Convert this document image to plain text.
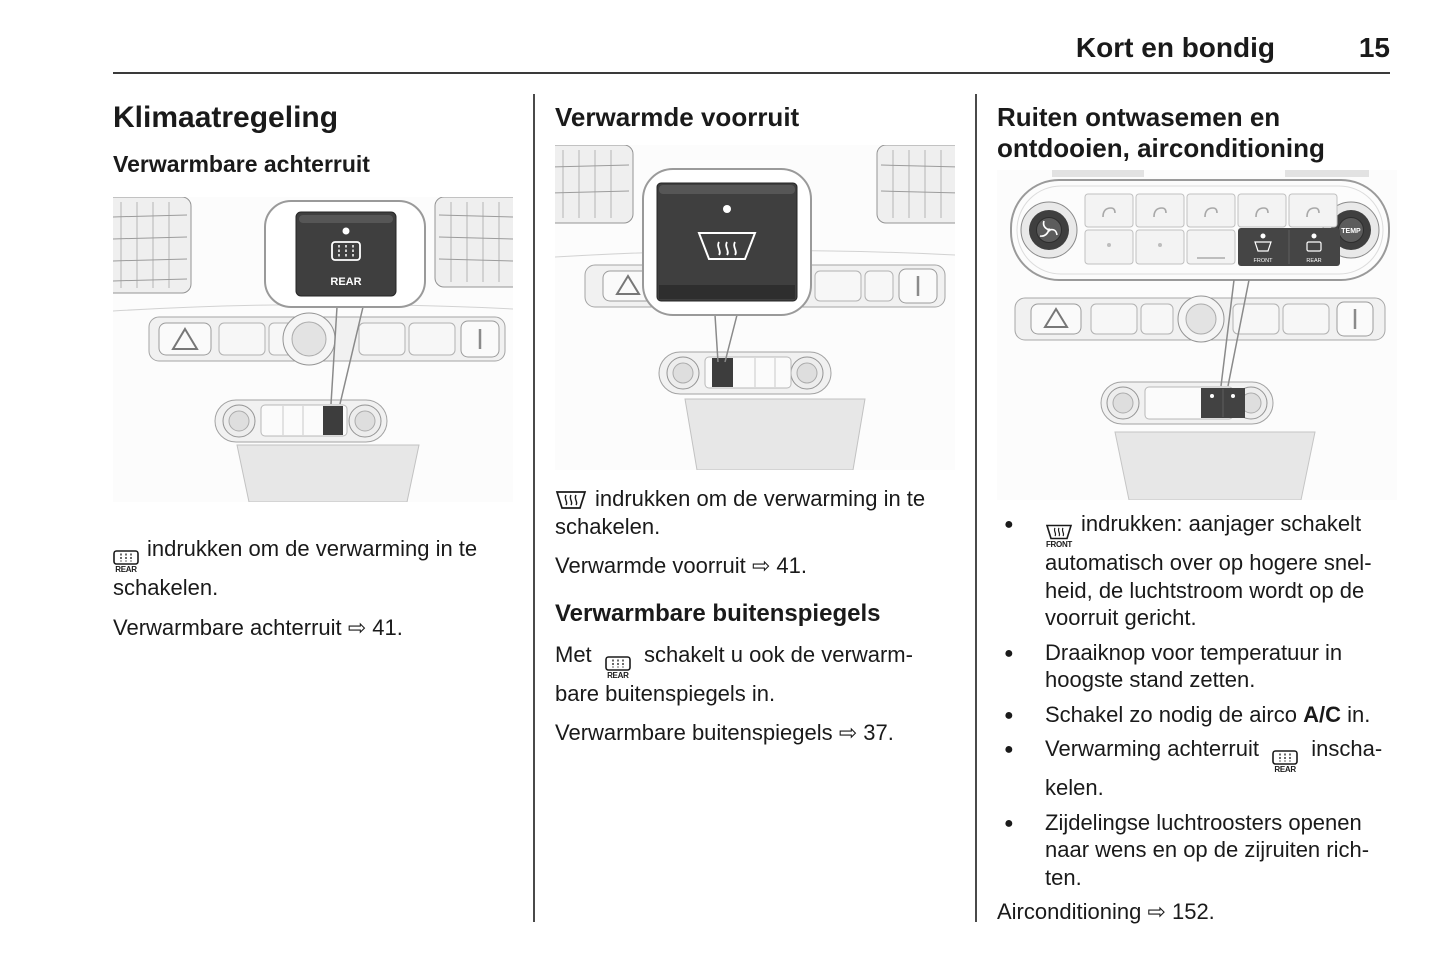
Kort en bondig	15
Klimaatregeling
Verwarmbare achterruit
REAR
REAR
indrukken om de verwarming in te
schakelen.
Verwarmbare achterruit ⇨ 41.
Verwarmde voorruit
indrukken om de verwarming in te
schakelen.
Verwarmde voorruit ⇨ 41.
Verwarmbare buitenspiegels
Met
REAR
schakelt u ook de verwarm-
bare buitenspiegels in.
Verwarmbare buitenspiegels ⇨ 37.
Ruiten ontwasemen en
ontdooien, airconditioning
TEMP
FRONT	REAR
●
FRONT
indrukken: aanjager schakelt
automatisch over op hogere snel-
heid, de luchtstroom wordt op de
voorruit gericht.
● Draaiknop voor temperatuur in
hoogste stand zetten.
● Schakel zo nodig de airco A/C in.
● Verwarming achterruit
REAR
inscha-
kelen.
● Zijdelingse luchtroosters openen
naar wens en op de zijruiten rich-
ten.
Airconditioning ⇨ 152.
